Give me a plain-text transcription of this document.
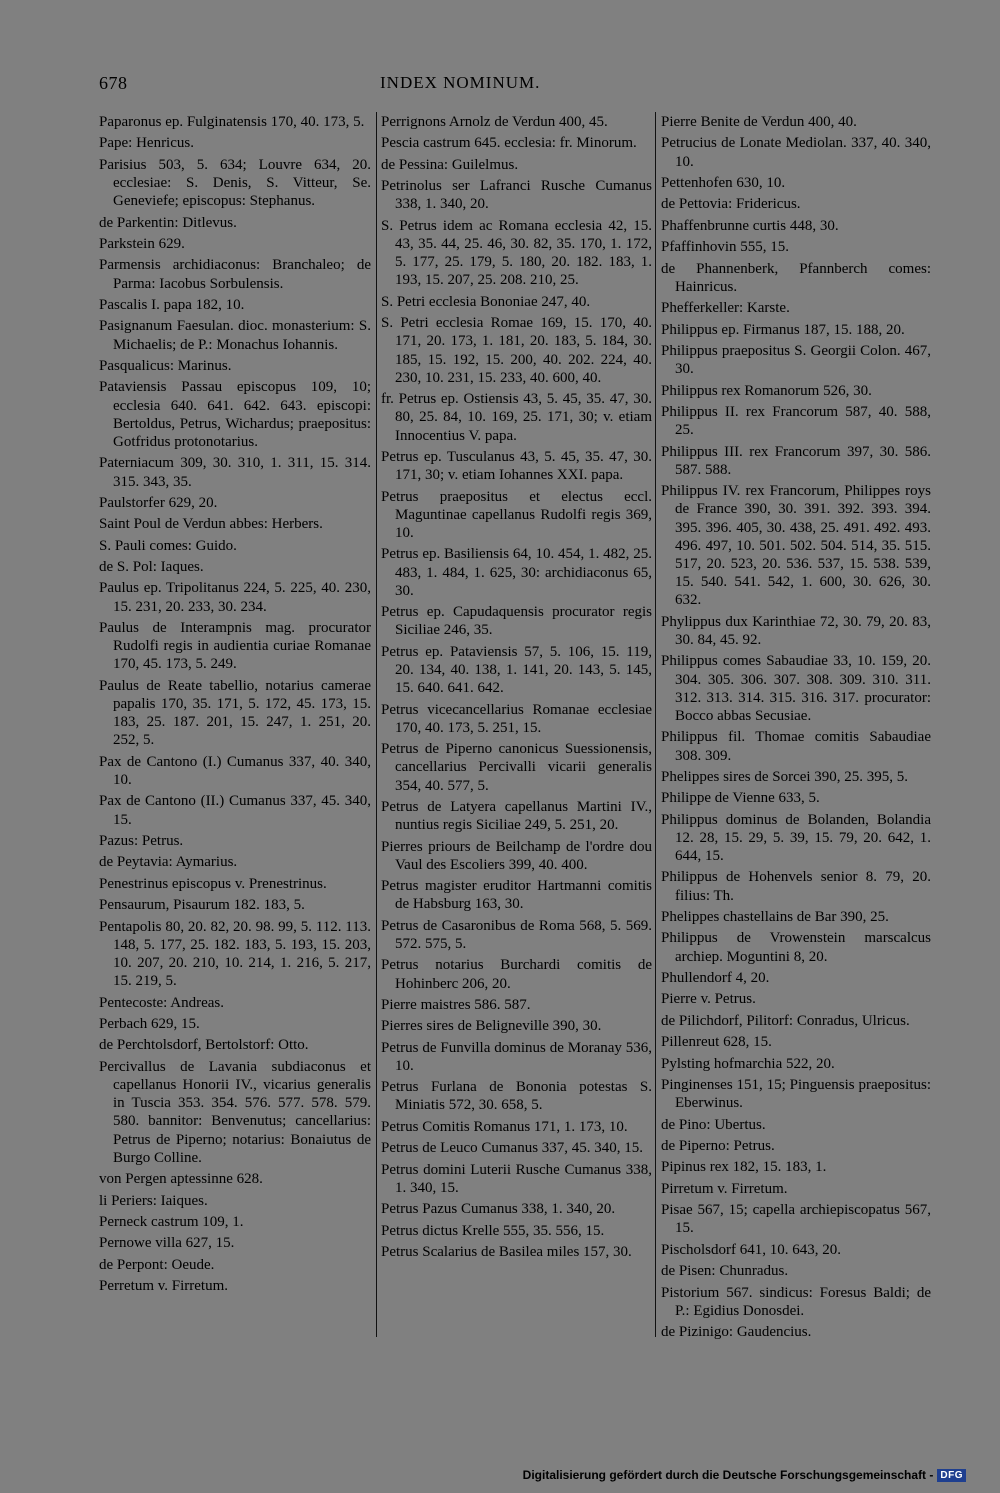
678	INDEX NOMINUM.
Paparonus ep. Fulginatensis 170, 40. 173, 5.
Pape: Henricus.
Parisius 503, 5. 634; Louvre 634, 20. ecclesiae: S. Denis, S. Vitteur, Se. Geneviefe; episcopus: Stephanus.
de Parkentin: Ditlevus.
Parkstein 629.
Parmensis archidiaconus: Branchaleo; de Parma: Iacobus Sorbulensis.
Pascalis I. papa 182, 10.
Pasignanum Faesulan. dioc. monasterium: S. Michaelis; de P.: Monachus Iohannis.
Pasqualicus: Marinus.
Pataviensis Passau episcopus 109, 10; ecclesia 640. 641. 642. 643. episcopi: Bertoldus, Petrus, Wichardus; praepositus: Gotfridus protonotarius.
Paterniacum 309, 30. 310, 1. 311, 15. 314. 315. 343, 35.
Paulstorfer 629, 20.
Saint Poul de Verdun abbes: Herbers.
S. Pauli comes: Guido.
de S. Pol: Iaques.
Paulus ep. Tripolitanus 224, 5. 225, 40. 230, 15. 231, 20. 233, 30. 234.
Paulus de Interampnis mag. procurator Rudolfi regis in audientia curiae Romanae 170, 45. 173, 5. 249.
Paulus de Reate tabellio, notarius camerae papalis 170, 35. 171, 5. 172, 45. 173, 15. 183, 25. 187. 201, 15. 247, 1. 251, 20. 252, 5.
Pax de Cantono (I.) Cumanus 337, 40. 340, 10.
Pax de Cantono (II.) Cumanus 337, 45. 340, 15.
Pazus: Petrus.
de Peytavia: Aymarius.
Penestrinus episcopus v. Prenestrinus.
Pensaurum, Pisaurum 182. 183, 5.
Pentapolis 80, 20. 82, 20. 98. 99, 5. 112. 113. 148, 5. 177, 25. 182. 183, 5. 193, 15. 203, 10. 207, 20. 210, 10. 214, 1. 216, 5. 217, 15. 219, 5.
Pentecoste: Andreas.
Perbach 629, 15.
de Perchtolsdorf, Bertolstorf: Otto.
Percivallus de Lavania subdiaconus et capellanus Honorii IV., vicarius generalis in Tuscia 353. 354. 576. 577. 578. 579. 580. bannitor: Benvenutus; cancellarius: Petrus de Piperno; notarius: Bonaiutus de Burgo Colline.
von Pergen aptessinne 628.
li Periers: Iaiques.
Perneck castrum 109, 1.
Pernowe villa 627, 15.
de Perpont: Oeude.
Perretum v. Firretum.
Perrignons Arnolz de Verdun 400, 45.
Pescia castrum 645. ecclesia: fr. Minorum.
de Pessina: Guilelmus.
Petrinolus ser Lafranci Rusche Cumanus 338, 1. 340, 20.
S. Petrus idem ac Romana ecclesia 42, 15. 43, 35. 44, 25. 46, 30. 82, 35. 170, 1. 172, 5. 177, 25. 179, 5. 180, 20. 182. 183, 1. 193, 15. 207, 25. 208. 210, 25.
S. Petri ecclesia Bononiae 247, 40.
S. Petri ecclesia Romae 169, 15. 170, 40. 171, 20. 173, 1. 181, 20. 183, 5. 184, 30. 185, 15. 192, 15. 200, 40. 202. 224, 40. 230, 10. 231, 15. 233, 40. 600, 40.
fr. Petrus ep. Ostiensis 43, 5. 45, 35. 47, 30. 80, 25. 84, 10. 169, 25. 171, 30; v. etiam Innocentius V. papa.
Petrus ep. Tusculanus 43, 5. 45, 35. 47, 30. 171, 30; v. etiam Iohannes XXI. papa.
Petrus praepositus et electus eccl. Maguntinae capellanus Rudolfi regis 369, 10.
Petrus ep. Basiliensis 64, 10. 454, 1. 482, 25. 483, 1. 484, 1. 625, 30: archidiaconus 65, 30.
Petrus ep. Capudaquensis procurator regis Siciliae 246, 35.
Petrus ep. Pataviensis 57, 5. 106, 15. 119, 20. 134, 40. 138, 1. 141, 20. 143, 5. 145, 15. 640. 641. 642.
Petrus vicecancellarius Romanae ecclesiae 170, 40. 173, 5. 251, 15.
Petrus de Piperno canonicus Suessionensis, cancellarius Percivalli vicarii generalis 354, 40. 577, 5.
Petrus de Latyera capellanus Martini IV., nuntius regis Siciliae 249, 5. 251, 20.
Pierres priours de Beilchamp de l'ordre dou Vaul des Escoliers 399, 40. 400.
Petrus magister eruditor Hartmanni comitis de Habsburg 163, 30.
Petrus de Casaronibus de Roma 568, 5. 569. 572. 575, 5.
Petrus notarius Burchardi comitis de Hohinberc 206, 20.
Pierre maistres 586. 587.
Pierres sires de Beligneville 390, 30.
Petrus de Funvilla dominus de Moranay 536, 10.
Petrus Furlana de Bononia potestas S. Miniatis 572, 30. 658, 5.
Petrus Comitis Romanus 171, 1. 173, 10.
Petrus de Leuco Cumanus 337, 45. 340, 15.
Petrus domini Luterii Rusche Cumanus 338, 1. 340, 15.
Petrus Pazus Cumanus 338, 1. 340, 20.
Petrus dictus Krelle 555, 35. 556, 15.
Petrus Scalarius de Basilea miles 157, 30.
Pierre Benite de Verdun 400, 40.
Petrucius de Lonate Mediolan. 337, 40. 340, 10.
Pettenhofen 630, 10.
de Pettovia: Fridericus.
Phaffenbrunne curtis 448, 30.
Pfaffinhovin 555, 15.
de Phannenberk, Pfannberch comes: Hainricus.
Phefferkeller: Karste.
Philippus ep. Firmanus 187, 15. 188, 20.
Philippus praepositus S. Georgii Colon. 467, 30.
Philippus rex Romanorum 526, 30.
Philippus II. rex Francorum 587, 40. 588, 25.
Philippus III. rex Francorum 397, 30. 586. 587. 588.
Philippus IV. rex Francorum, Philippes roys de France 390, 30. 391. 392. 393. 394. 395. 396. 405, 30. 438, 25. 491. 492. 493. 496. 497, 10. 501. 502. 504. 514, 35. 515. 517, 20. 523, 20. 536. 537, 15. 538. 539, 15. 540. 541. 542, 1. 600, 30. 626, 30. 632.
Phylippus dux Karinthiae 72, 30. 79, 20. 83, 30. 84, 45. 92.
Philippus comes Sabaudiae 33, 10. 159, 20. 304. 305. 306. 307. 308. 309. 310. 311. 312. 313. 314. 315. 316. 317. procurator: Bocco abbas Secusiae.
Philippus fil. Thomae comitis Sabaudiae 308. 309.
Phelippes sires de Sorcei 390, 25. 395, 5.
Philippe de Vienne 633, 5.
Philippus dominus de Bolanden, Bolandia 12. 28, 15. 29, 5. 39, 15. 79, 20. 642, 1. 644, 15.
Philippus de Hohenvels senior 8. 79, 20. filius: Th.
Phelippes chastellains de Bar 390, 25.
Philippus de Vrowenstein marscalcus archiep. Moguntini 8, 20.
Phullendorf 4, 20.
Pierre v. Petrus.
de Pilichdorf, Pilitorf: Conradus, Ulricus.
Pillenreut 628, 15.
Pylsting hofmarchia 522, 20.
Pinginenses 151, 15; Pinguensis praepositus: Eberwinus.
de Pino: Ubertus.
de Piperno: Petrus.
Pipinus rex 182, 15. 183, 1.
Pirretum v. Firretum.
Pisae 567, 15; capella archiepiscopatus 567, 15.
Pischolsdorf 641, 10. 643, 20.
de Pisen: Chunradus.
Pistorium 567. sindicus: Foresus Baldi; de P.: Egidius Donosdei.
de Pizinigo: Gaudencius.
Digitalisierung gefördert durch die Deutsche Forschungsgemeinschaft - DFG
